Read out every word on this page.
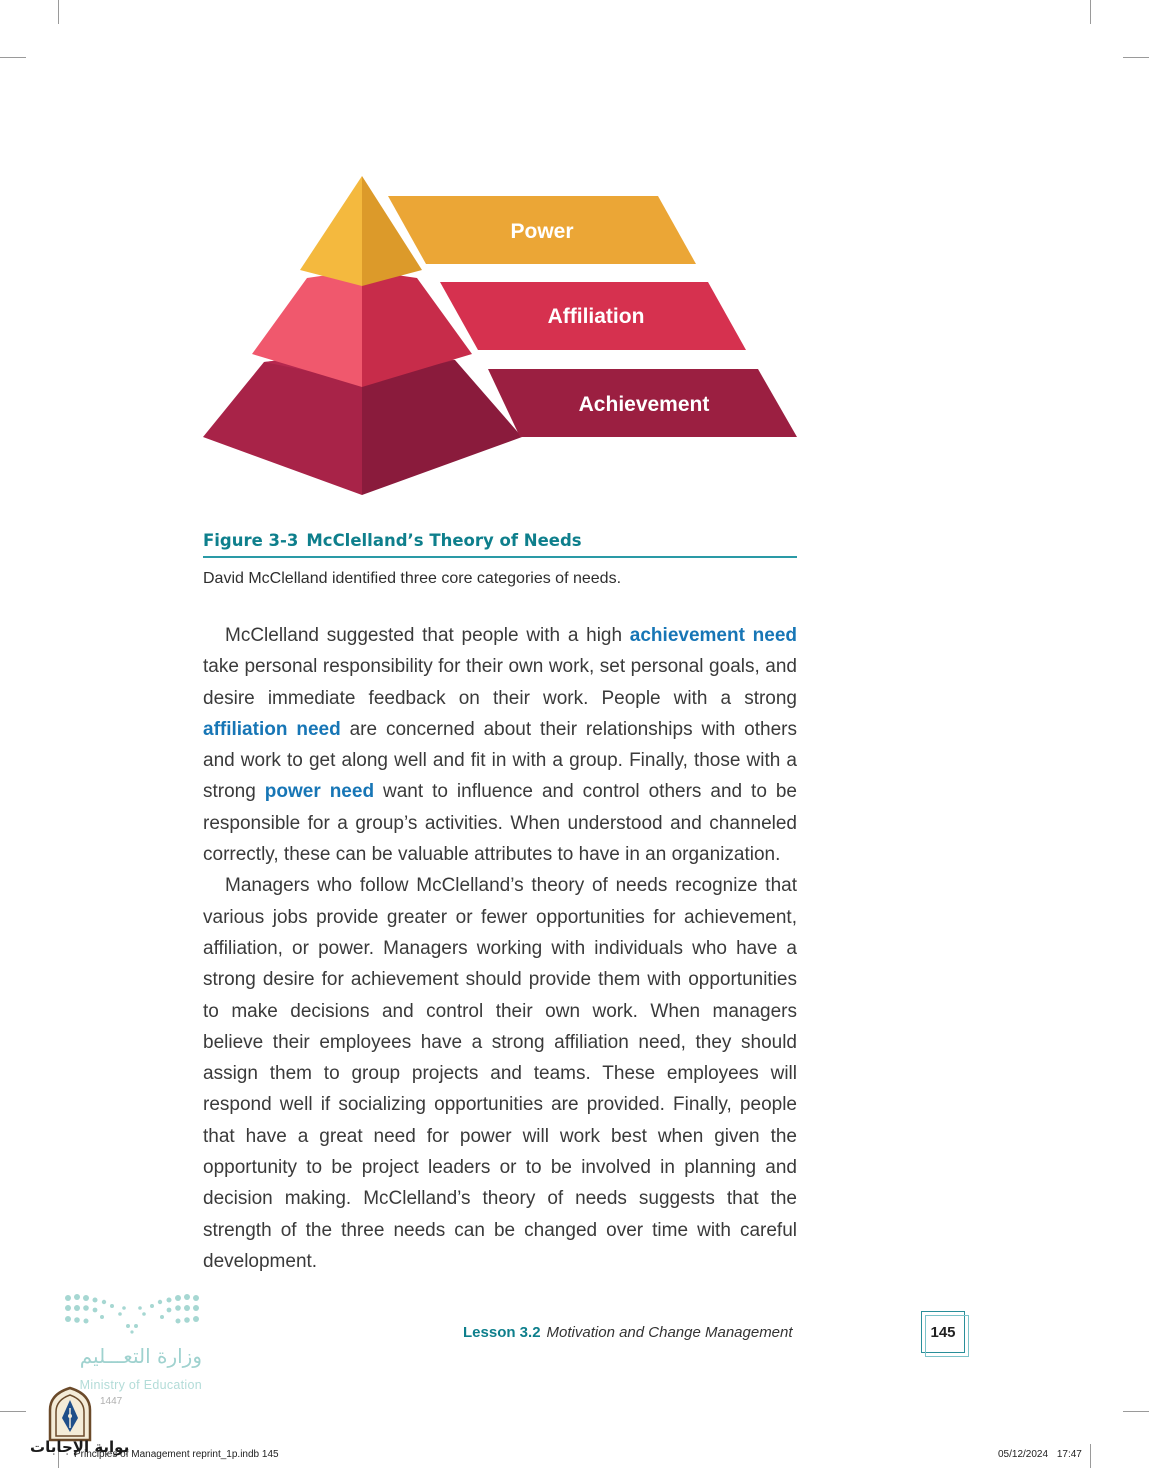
Power
Affiliation
Achievement
Figure 3-3 McClelland’s Theory of Needs
David McClelland identified three core categories of needs.

McClelland suggested that people with a high achievement need take personal responsibility for their own work, set personal goals, and desire immediate feedback on their work. People with a strong affiliation need are concerned about their relationships with others and work to get along well and fit in with a group. Finally, those with a strong power need want to influence and control others and to be responsible for a group’s activities. When understood and channeled correctly, these can be valuable attributes to have in an organization.

Managers who follow McClelland’s theory of needs recognize that various jobs provide greater or fewer opportunities for achievement, affiliation, or power. Managers working with individuals who have a strong desire for achievement should provide them with opportunities to make decisions and control their own work. When managers believe their employees have a strong affiliation need, they should assign them to group projects and teams. These employees will respond well if socializing opportunities are provided. Finally, people that have a great need for power will work best when given the opportunity to be project leaders or to be involved in planning and decision making. McClelland’s theory of needs suggests that the strength of the three needs can be changed over time with careful development.

Lesson 3.2 Motivation and Change Management	145
وزارة التعـــليم
Ministry of Education
1447
بوابة الإجابات
Principles of Management reprint_1p.indb 145	05/12/2024 17:47
